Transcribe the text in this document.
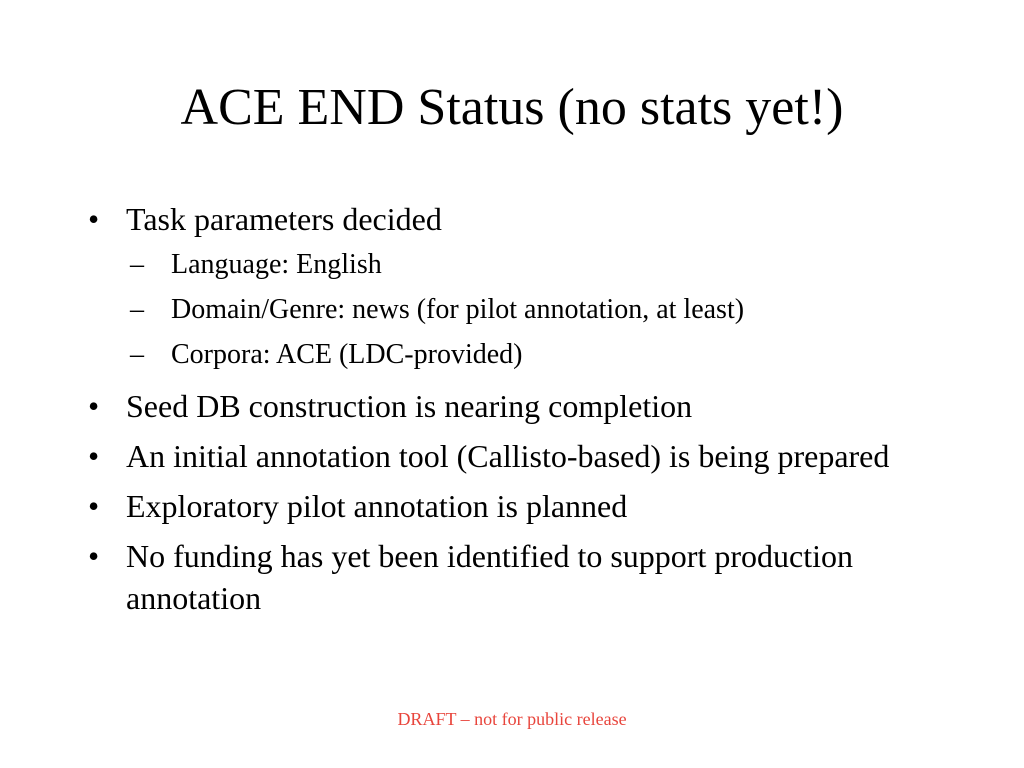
ACE END Status (no stats yet!)
• Task parameters decided
– Language: English
– Domain/Genre: news (for pilot annotation, at least)
– Corpora: ACE (LDC-provided)
• Seed DB construction is nearing completion
• An initial annotation tool (Callisto-based) is being prepared
• Exploratory pilot annotation is planned
• No funding has yet been identified to support production annotation
DRAFT – not for public release
